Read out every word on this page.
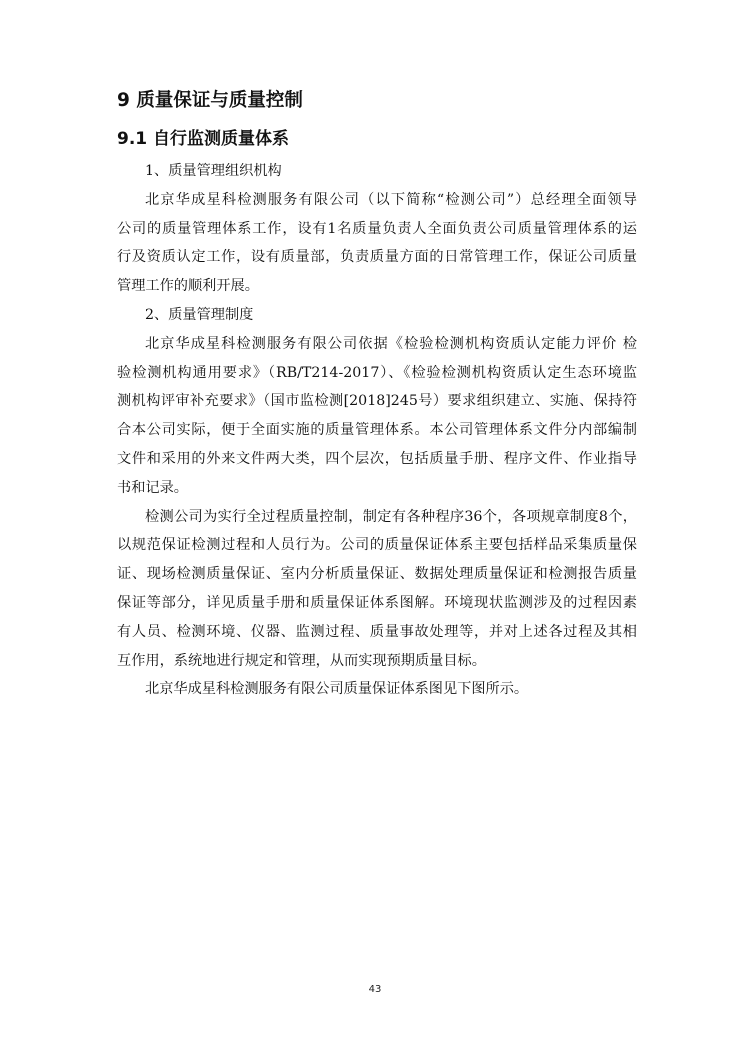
9 质量保证与质量控制
9.1 自行监测质量体系
1、质量管理组织机构
北京华成星科检测服务有限公司（以下简称“检测公司”）总经理全面领导
公司的质量管理体系工作，设有1名质量负责人全面负责公司质量管理体系的运
行及资质认定工作，设有质量部，负责质量方面的日常管理工作，保证公司质量
管理工作的顺利开展。
2、质量管理制度
北京华成星科检测服务有限公司依据《检验检测机构资质认定能力评价 检
验检测机构通用要求》（RB/T214-2017）、《检验检测机构资质认定生态环境监
测机构评审补充要求》（国市监检测[2018]245号）要求组织建立、实施、保持符
合本公司实际，便于全面实施的质量管理体系。本公司管理体系文件分内部编制
文件和采用的外来文件两大类，四个层次，包括质量手册、程序文件、作业指导
书和记录。
检测公司为实行全过程质量控制，制定有各种程序36个，各项规章制度8个，
以规范保证检测过程和人员行为。公司的质量保证体系主要包括样品采集质量保
证、现场检测质量保证、室内分析质量保证、数据处理质量保证和检测报告质量
保证等部分，详见质量手册和质量保证体系图解。环境现状监测涉及的过程因素
有人员、检测环境、仪器、监测过程、质量事故处理等，并对上述各过程及其相
互作用，系统地进行规定和管理，从而实现预期质量目标。
北京华成星科检测服务有限公司质量保证体系图见下图所示。
43
